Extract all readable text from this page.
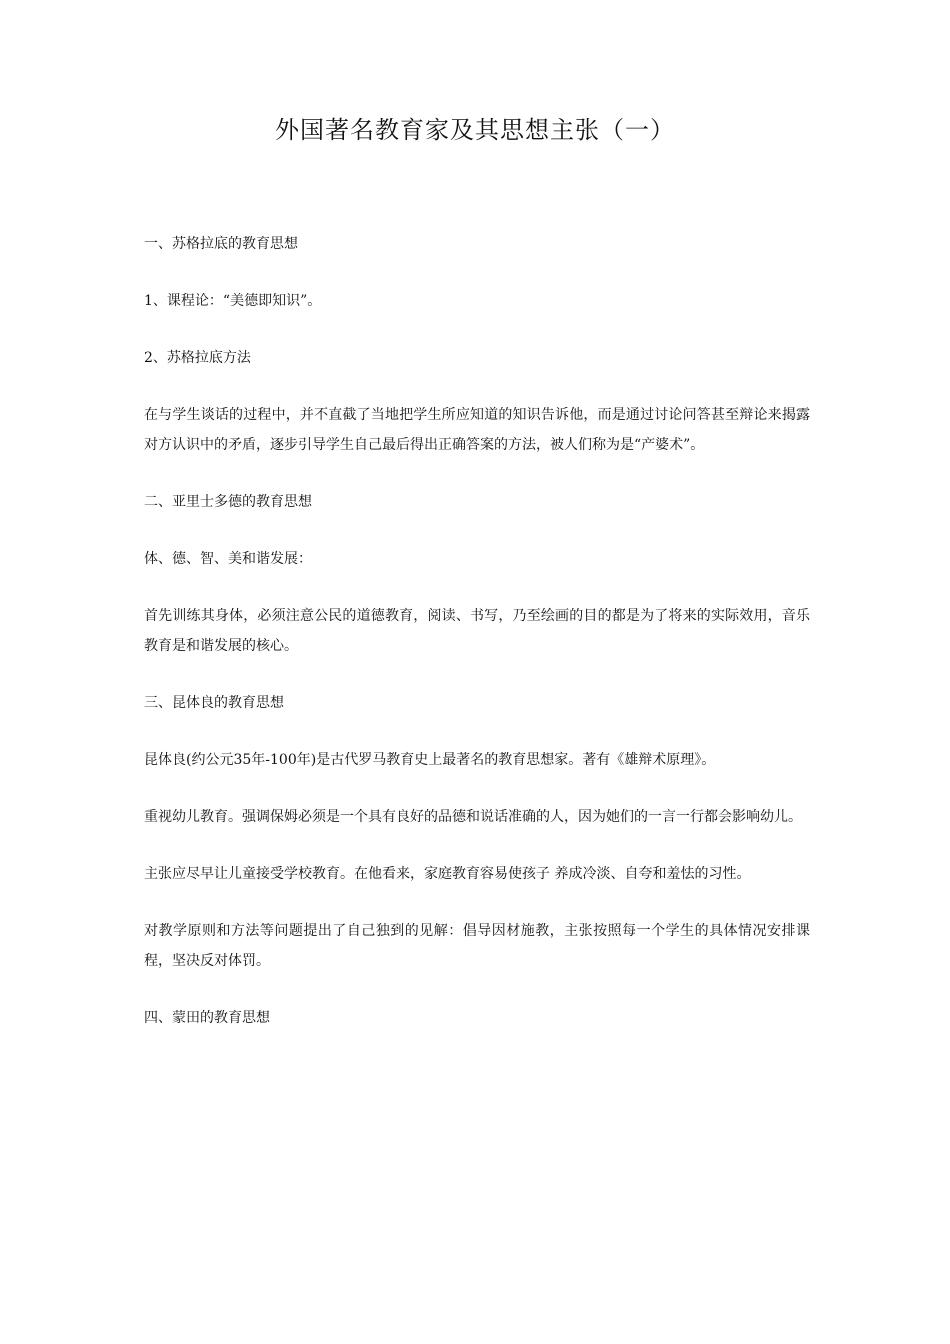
外国著名教育家及其思想主张（一）

一、苏格拉底的教育思想

1、课程论：“美德即知识”。

2、苏格拉底方法

在与学生谈话的过程中，并不直截了当地把学生所应知道的知识告诉他，而是通过讨论问答甚至辩论来揭露对方认识中的矛盾，逐步引导学生自己最后得出正确答案的方法，被人们称为是“产婆术”。

二、亚里士多德的教育思想

体、德、智、美和谐发展：

首先训练其身体，必须注意公民的道德教育，阅读、书写，乃至绘画的目的都是为了将来的实际效用，音乐教育是和谐发展的核心。

三、昆体良的教育思想

昆体良(约公元35年-100年)是古代罗马教育史上最著名的教育思想家。著有《雄辩术原理》。

重视幼儿教育。强调保姆必须是一个具有良好的品德和说话准确的人，因为她们的一言一行都会影响幼儿。

主张应尽早让儿童接受学校教育。在他看来，家庭教育容易使孩子 养成冷淡、自夸和羞怯的习性。

对教学原则和方法等问题提出了自己独到的见解：倡导因材施教，主张按照每一个学生的具体情况安排课程，坚决反对体罚。

四、蒙田的教育思想
